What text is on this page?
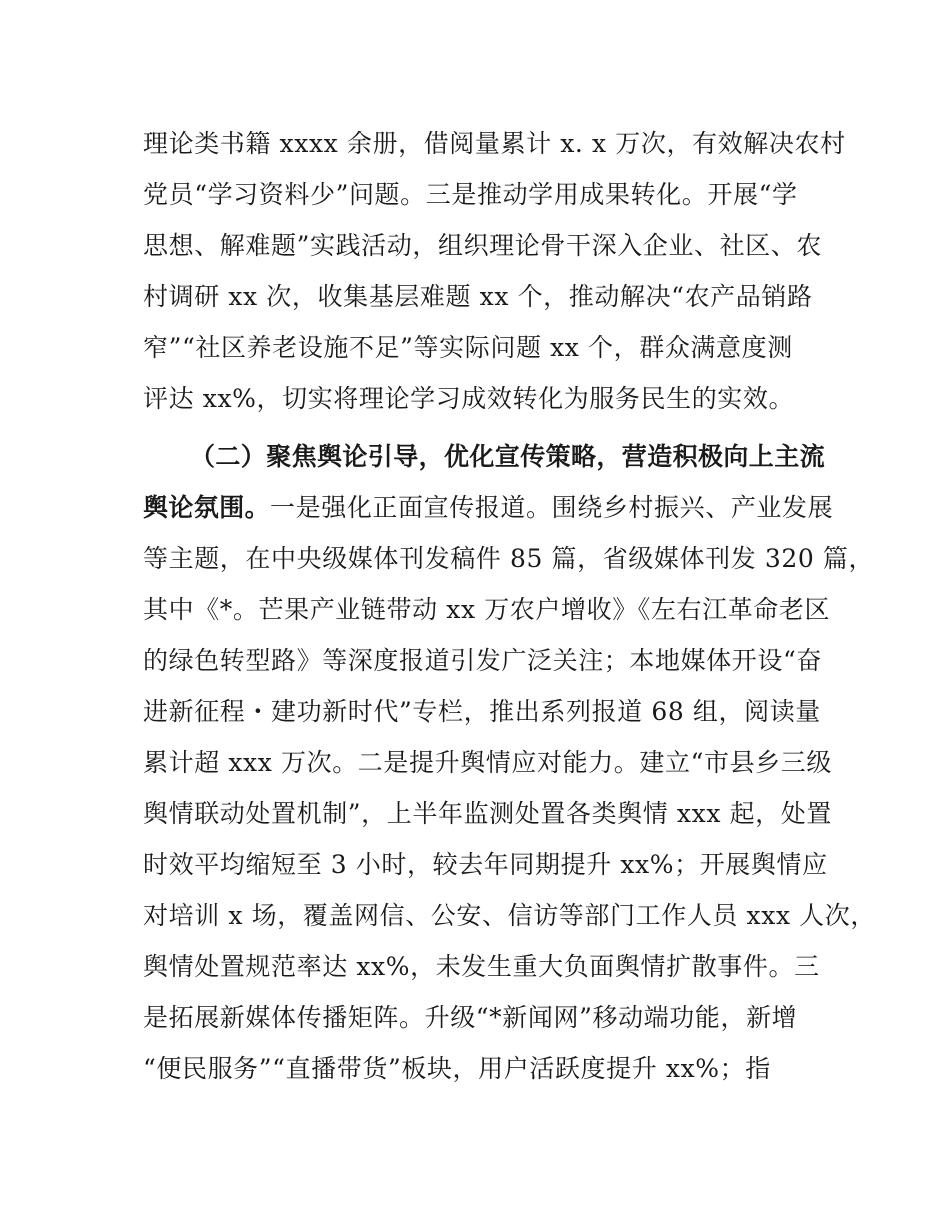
理论类书籍 xxxx 余册，借阅量累计 x. x 万次，有效解决农村
党员“学习资料少”问题。三是推动学用成果转化。开展“学
思想、解难题”实践活动，组织理论骨干深入企业、社区、农
村调研 xx 次，收集基层难题 xx 个，推动解决“农产品销路
窄”“社区养老设施不足”等实际问题 xx 个，群众满意度测
评达 xx%，切实将理论学习成效转化为服务民生的实效。
（二）聚焦舆论引导，优化宣传策略，营造积极向上主流
舆论氛围。一是强化正面宣传报道。围绕乡村振兴、产业发展
等主题，在中央级媒体刊发稿件 85 篇，省级媒体刊发 320 篇，
其中《*。芒果产业链带动 xx 万农户增收》《左右江革命老区
的绿色转型路》等深度报道引发广泛关注；本地媒体开设“奋
进新征程・建功新时代”专栏，推出系列报道 68 组，阅读量
累计超 xxx 万次。二是提升舆情应对能力。建立“市县乡三级
舆情联动处置机制”，上半年监测处置各类舆情 xxx 起，处置
时效平均缩短至 3 小时，较去年同期提升 xx%；开展舆情应
对培训 x 场，覆盖网信、公安、信访等部门工作人员 xxx 人次，
舆情处置规范率达 xx%，未发生重大负面舆情扩散事件。三
是拓展新媒体传播矩阵。升级“*新闻网”移动端功能，新增
“便民服务”“直播带货”板块，用户活跃度提升 xx%；指
